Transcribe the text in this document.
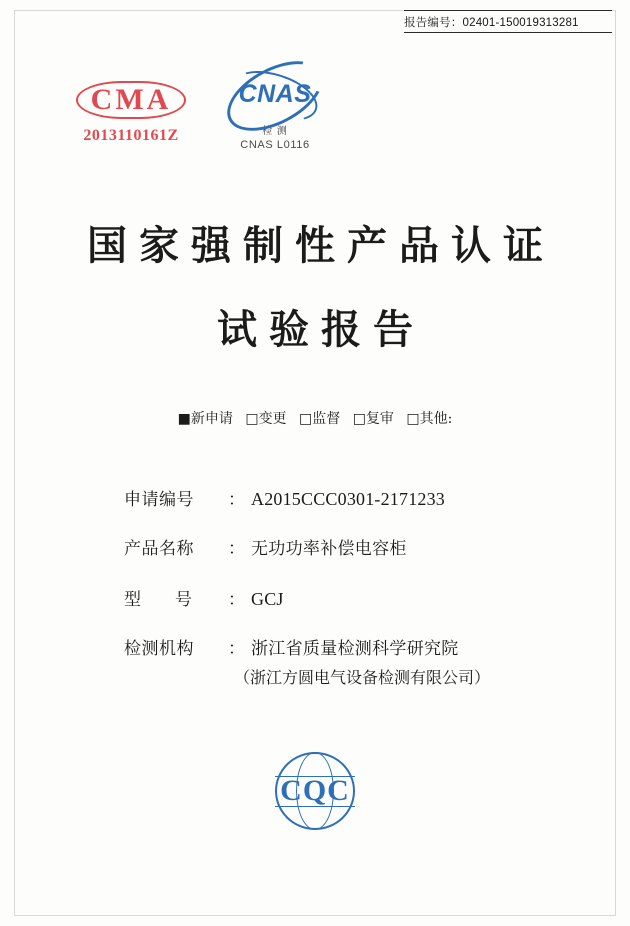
报告编号：02401-150019313281
CMA
2013110161Z
CNAS
检 测
CNAS L0116
国家强制性产品认证
试验报告
■新申请 □变更 □监督 □复审 □其他:
申请编号	： A2015CCC0301-2171233
产品名称	： 无功功率补偿电容柜
型　　号	： GCJ
检测机构	： 浙江省质量检测科学研究院
（浙江方圆电气设备检测有限公司）
CQC
